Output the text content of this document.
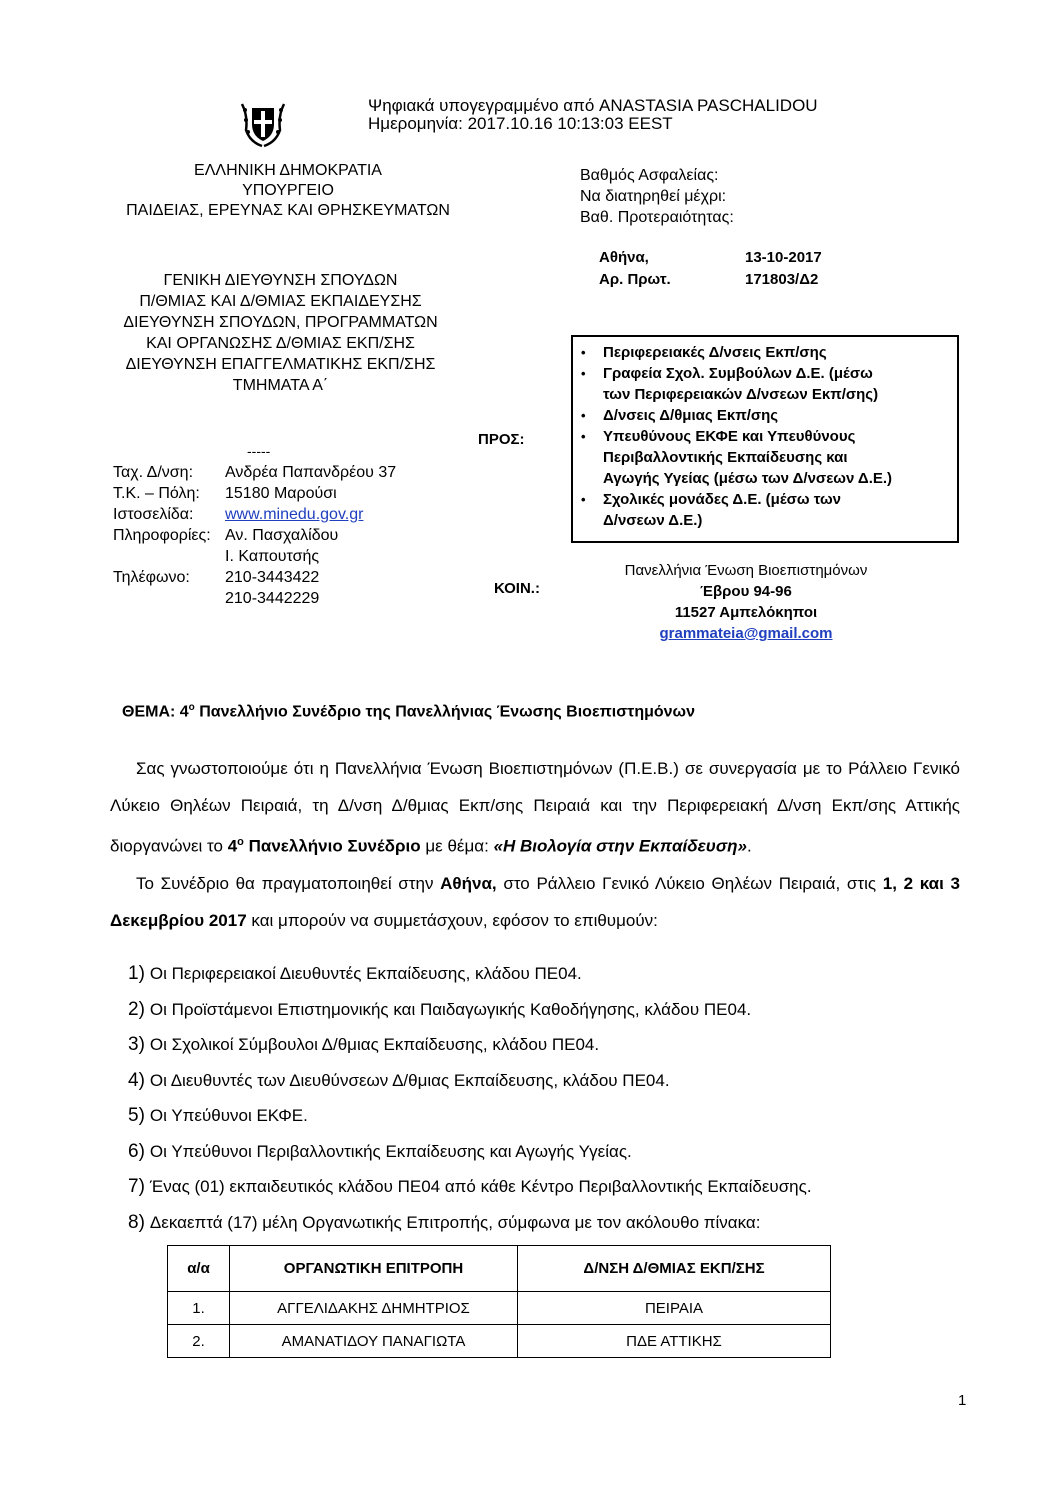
Ψηφιακά υπογεγραμμένο από ANASTASIA PASCHALIDOU
Ημερομηνία: 2017.10.16 10:13:03 EEST
ΕΛΛΗΝΙΚΗ ΔΗΜΟΚΡΑΤΙΑ
ΥΠΟΥΡΓΕΙΟ
ΠΑΙΔΕΙΑΣ, ΕΡΕΥΝΑΣ ΚΑΙ ΘΡΗΣΚΕΥΜΑΤΩΝ
Βαθμός Ασφαλείας:
Να διατηρηθεί μέχρι:
Βαθ. Προτεραιότητας:
Αθήνα,	13-10-2017
Αρ. Πρωτ.	171803/Δ2
ΓΕΝΙΚΗ ΔΙΕΥΘΥΝΣΗ ΣΠΟΥΔΩΝ
Π/ΘΜΙΑΣ ΚΑΙ Δ/ΘΜΙΑΣ ΕΚΠΑΙΔΕΥΣΗΣ
ΔΙΕΥΘΥΝΣΗ ΣΠΟΥΔΩΝ, ΠΡΟΓΡΑΜΜΑΤΩΝ
ΚΑΙ ΟΡΓΑΝΩΣΗΣ Δ/ΘΜΙΑΣ ΕΚΠ/ΣΗΣ
ΔΙΕΥΘΥΝΣΗ ΕΠΑΓΓΕΛΜΑΤΙΚΗΣ ΕΚΠ/ΣΗΣ
ΤΜΗΜΑΤΑ Α΄
-----
Ταχ. Δ/νση:	Ανδρέα Παπανδρέου 37
Τ.Κ. – Πόλη:	15180 Μαρούσι
Ιστοσελίδα:	www.minedu.gov.gr
Πληροφορίες: Αν. Πασχαλίδου
Ι. Καπουτσής
Τηλέφωνο:	210-3443422
210-3442229
ΠΡΟΣ:
•	Περιφερειακές Δ/νσεις Εκπ/σης
•	Γραφεία Σχολ. Συμβούλων Δ.Ε. (μέσω
των Περιφερειακών Δ/νσεων Εκπ/σης)
•	Δ/νσεις Δ/θμιας Εκπ/σης
•	Υπευθύνους ΕΚΦΕ και Υπευθύνους
Περιβαλλοντικής Εκπαίδευσης και
Αγωγής Υγείας (μέσω των Δ/νσεων Δ.Ε.)
•	Σχολικές μονάδες Δ.Ε. (μέσω των
Δ/νσεων Δ.Ε.)
ΚΟΙΝ.:
Πανελλήνια Ένωση Βιοεπιστημόνων
Έβρου 94-96
11527 Αμπελόκηποι
grammateia@gmail.com
ΘΕΜΑ: $4^o$ Πανελλήνιο Συνέδριο της Πανελλήνιας Ένωσης Βιοεπιστημόνων

Σας γνωστοποιούμε ότι η Πανελλήνια Ένωση Βιοεπιστημόνων (Π.Ε.Β.) σε συνεργασία με το Ράλλειο Γενικό Λύκειο Θηλέων Πειραιά, τη Δ/νση Δ/θμιας Εκπ/σης Πειραιά και την Περιφερειακή Δ/νση Εκπ/σης Αττικής διοργανώνει το $4^o$ Πανελλήνιο Συνέδριο με θέμα: «Η Βιολογία στην Εκπαίδευση».

Το Συνέδριο θα πραγματοποιηθεί στην Αθήνα, στο Ράλλειο Γενικό Λύκειο Θηλέων Πειραιά, στις 1, 2 και 3 Δεκεμβρίου 2017 και μπορούν να συμμετάσχουν, εφόσον το επιθυμούν:

1) Οι Περιφερειακοί Διευθυντές Εκπαίδευσης, κλάδου ΠΕ04.
2) Οι Προϊστάμενοι Επιστημονικής και Παιδαγωγικής Καθοδήγησης, κλάδου ΠΕ04.
3) Οι Σχολικοί Σύμβουλοι Δ/θμιας Εκπαίδευσης, κλάδου ΠΕ04.
4) Οι Διευθυντές των Διευθύνσεων Δ/θμιας Εκπαίδευσης, κλάδου ΠΕ04.
5) Οι Υπεύθυνοι ΕΚΦΕ.
6) Οι Υπεύθυνοι Περιβαλλοντικής Εκπαίδευσης και Αγωγής Υγείας.
7) Ένας (01) εκπαιδευτικός κλάδου ΠΕ04 από κάθε Κέντρο Περιβαλλοντικής Εκπαίδευσης.
8) Δεκαεπτά (17) μέλη Οργανωτικής Επιτροπής, σύμφωνα με τον ακόλουθο πίνακα:
α/α	ΟΡΓΑΝΩΤΙΚΗ ΕΠΙΤΡΟΠΗ	Δ/ΝΣΗ Δ/ΘΜΙΑΣ ΕΚΠ/ΣΗΣ
1.	ΑΓΓΕΛΙΔΑΚΗΣ ΔΗΜΗΤΡΙΟΣ	ΠΕΙΡΑΙΑ
2.	ΑΜΑΝΑΤΙΔΟΥ ΠΑΝΑΓΙΩΤΑ	ΠΔΕ ΑΤΤΙΚΗΣ
1
